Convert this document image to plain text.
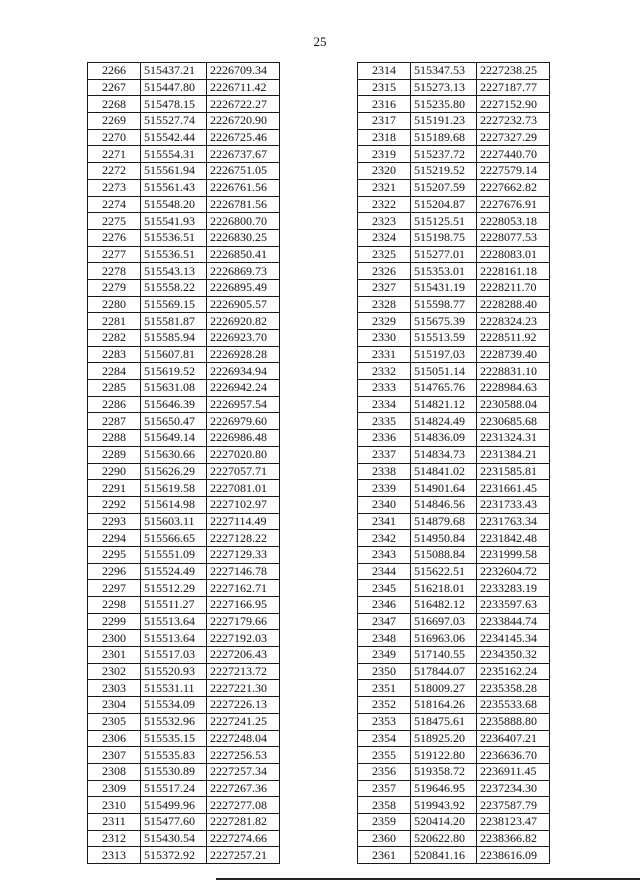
25
2266	515437.21	2226709.34
2267	515447.80	2226711.42
2268	515478.15	2226722.27
2269	515527.74	2226720.90
2270	515542.44	2226725.46
2271	515554.31	2226737.67
2272	515561.94	2226751.05
2273	515561.43	2226761.56
2274	515548.20	2226781.56
2275	515541.93	2226800.70
2276	515536.51	2226830.25
2277	515536.51	2226850.41
2278	515543.13	2226869.73
2279	515558.22	2226895.49
2280	515569.15	2226905.57
2281	515581.87	2226920.82
2282	515585.94	2226923.70
2283	515607.81	2226928.28
2284	515619.52	2226934.94
2285	515631.08	2226942.24
2286	515646.39	2226957.54
2287	515650.47	2226979.60
2288	515649.14	2226986.48
2289	515630.66	2227020.80
2290	515626.29	2227057.71
2291	515619.58	2227081.01
2292	515614.98	2227102.97
2293	515603.11	2227114.49
2294	515566.65	2227128.22
2295	515551.09	2227129.33
2296	515524.49	2227146.78
2297	515512.29	2227162.71
2298	515511.27	2227166.95
2299	515513.64	2227179.66
2300	515513.64	2227192.03
2301	515517.03	2227206.43
2302	515520.93	2227213.72
2303	515531.11	2227221.30
2304	515534.09	2227226.13
2305	515532.96	2227241.25
2306	515535.15	2227248.04
2307	515535.83	2227256.53
2308	515530.89	2227257.34
2309	515517.24	2227267.36
2310	515499.96	2227277.08
2311	515477.60	2227281.82
2312	515430.54	2227274.66
2313	515372.92	2227257.21
2314	515347.53	2227238.25
2315	515273.13	2227187.77
2316	515235.80	2227152.90
2317	515191.23	2227232.73
2318	515189.68	2227327.29
2319	515237.72	2227440.70
2320	515219.52	2227579.14
2321	515207.59	2227662.82
2322	515204.87	2227676.91
2323	515125.51	2228053.18
2324	515198.75	2228077.53
2325	515277.01	2228083.01
2326	515353.01	2228161.18
2327	515431.19	2228211.70
2328	515598.77	2228288.40
2329	515675.39	2228324.23
2330	515513.59	2228511.92
2331	515197.03	2228739.40
2332	515051.14	2228831.10
2333	514765.76	2228984.63
2334	514821.12	2230588.04
2335	514824.49	2230685.68
2336	514836.09	2231324.31
2337	514834.73	2231384.21
2338	514841.02	2231585.81
2339	514901.64	2231661.45
2340	514846.56	2231733.43
2341	514879.68	2231763.34
2342	514950.84	2231842.48
2343	515088.84	2231999.58
2344	515622.51	2232604.72
2345	516218.01	2233283.19
2346	516482.12	2233597.63
2347	516697.03	2233844.74
2348	516963.06	2234145.34
2349	517140.55	2234350.32
2350	517844.07	2235162.24
2351	518009.27	2235358.28
2352	518164.26	2235533.68
2353	518475.61	2235888.80
2354	518925.20	2236407.21
2355	519122.80	2236636.70
2356	519358.72	2236911.45
2357	519646.95	2237234.30
2358	519943.92	2237587.79
2359	520414.20	2238123.47
2360	520622.80	2238366.82
2361	520841.16	2238616.09
